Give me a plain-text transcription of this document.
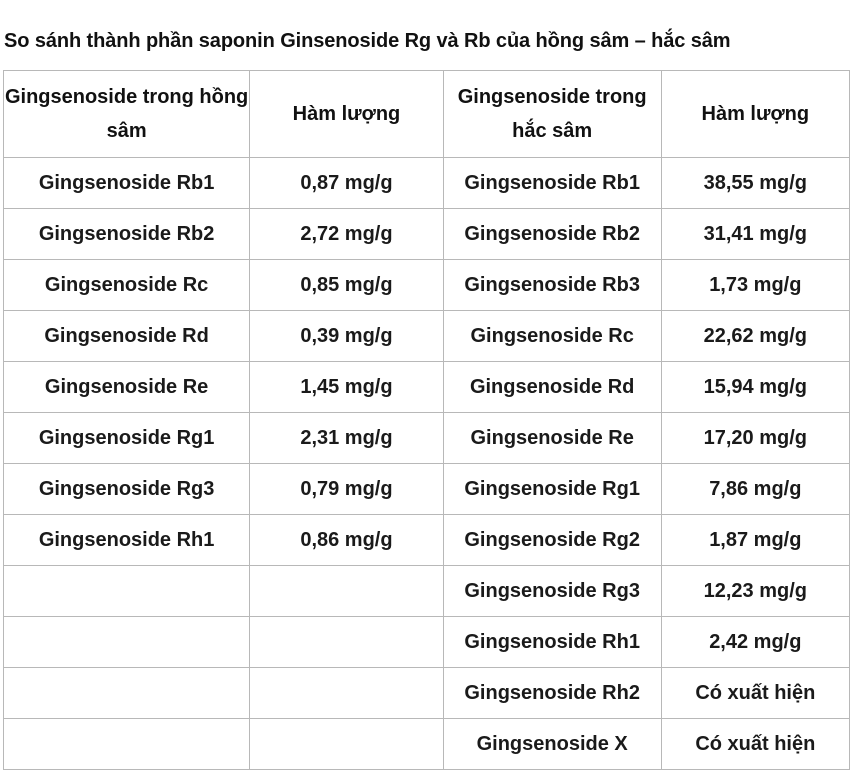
So sánh thành phần saponin Ginsenoside Rg và Rb của hồng sâm – hắc sâm
Gingsenoside trong hồng sâm	Hàm lượng	Gingsenoside trong hắc sâm	Hàm lượng
Gingsenoside Rb1	0,87 mg/g	Gingsenoside Rb1	38,55 mg/g
Gingsenoside Rb2	2,72 mg/g	Gingsenoside Rb2	31,41 mg/g
Gingsenoside Rc	0,85 mg/g	Gingsenoside Rb3	1,73 mg/g
Gingsenoside Rd	0,39 mg/g	Gingsenoside Rc	22,62 mg/g
Gingsenoside Re	1,45 mg/g	Gingsenoside Rd	15,94 mg/g
Gingsenoside Rg1	2,31 mg/g	Gingsenoside Re	17,20 mg/g
Gingsenoside Rg3	0,79 mg/g	Gingsenoside Rg1	7,86 mg/g
Gingsenoside Rh1	0,86 mg/g	Gingsenoside Rg2	1,87 mg/g
		Gingsenoside Rg3	12,23 mg/g
		Gingsenoside Rh1	2,42 mg/g
		Gingsenoside Rh2	Có xuất hiện
		Gingsenoside X	Có xuất hiện
